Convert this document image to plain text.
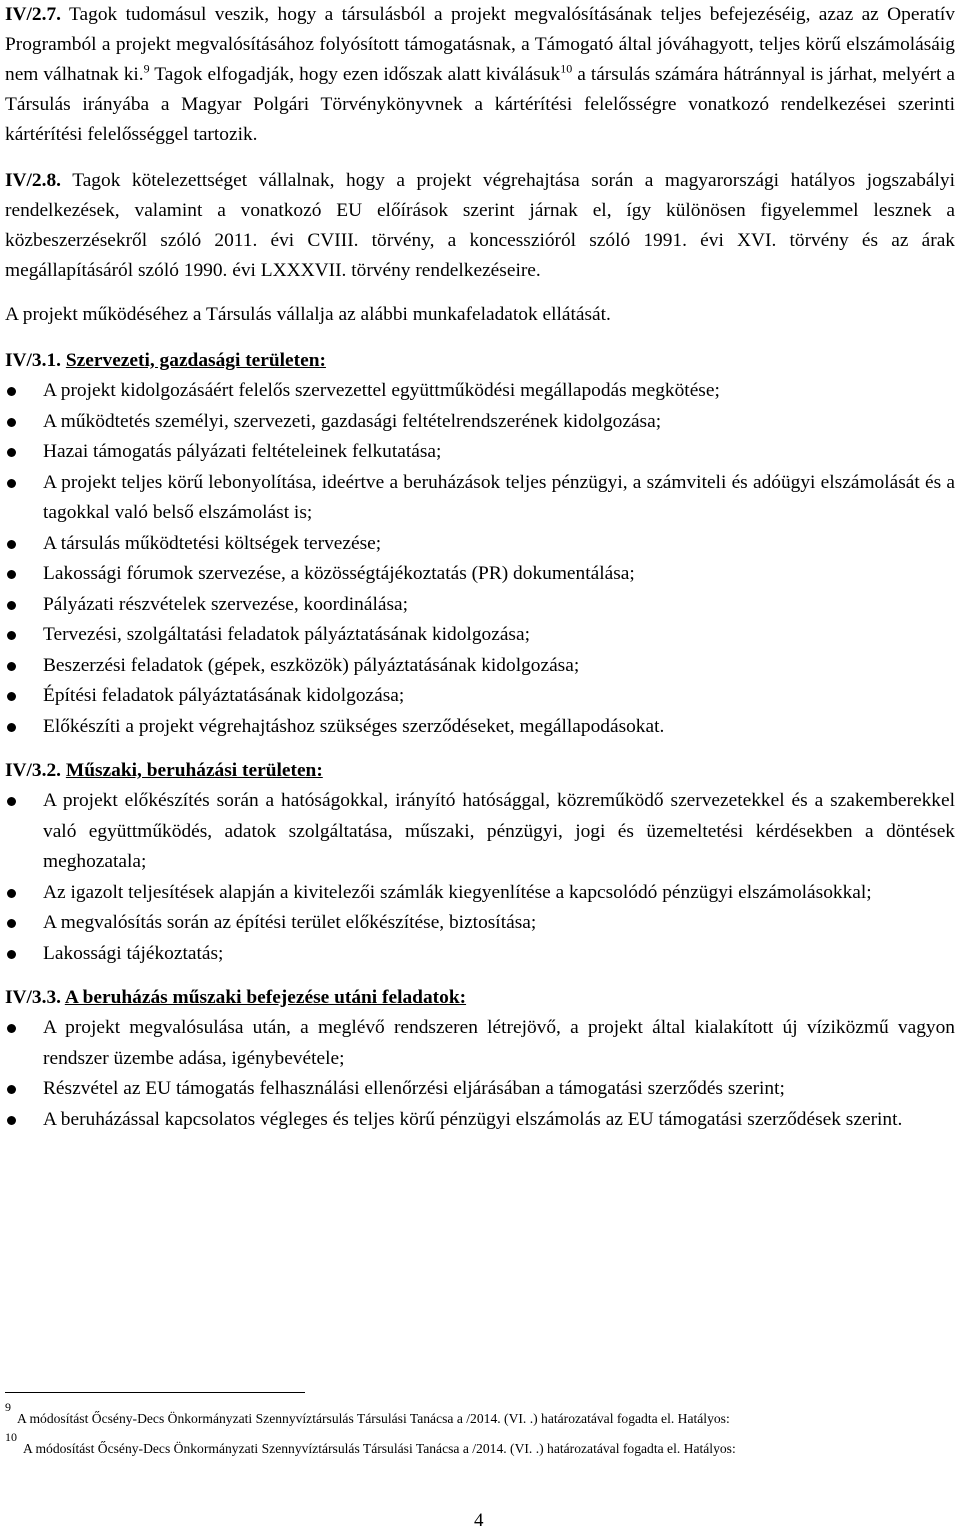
IV/2.7. Tagok tudomásul veszik, hogy a társulásból a projekt megvalósításának teljes befejezéséig, azaz az Operatív Programból a projekt megvalósításához folyósított támogatásnak, a Támogató által jóváhagyott, teljes körű elszámolásáig nem válhatnak ki.$^9$ Tagok elfogadják, hogy ezen időszak alatt kiválásuk$^{10}$ a társulás számára hátránnyal is járhat, melyért a Társulás irányába a Magyar Polgári Törvénykönyvnek a kártérítési felelősségre vonatkozó rendelkezései szerinti kártérítési felelősséggel tartozik.

IV/2.8. Tagok kötelezettséget vállalnak, hogy a projekt végrehajtása során a magyarországi hatályos jogszabályi rendelkezések, valamint a vonatkozó EU előírások szerint járnak el, így különösen figyelemmel lesznek a közbeszerzésekről szóló 2011. évi CVIII. törvény, a koncesszióról szóló 1991. évi XVI. törvény és az árak megállapításáról szóló 1990. évi LXXXVII. törvény rendelkezéseire.

A projekt működéséhez a Társulás vállalja az alábbi munkafeladatok ellátását.

IV/3.1. Szervezeti, gazdasági területen:

A projekt kidolgozásáért felelős szervezettel együttműködési megállapodás megkötése;
A működtetés személyi, szervezeti, gazdasági feltételrendszerének kidolgozása;
Hazai támogatás pályázati feltételeinek felkutatása;
A projekt teljes körű lebonyolítása, ideértve a beruházások teljes pénzügyi, a számviteli és adóügyi elszámolását és a tagokkal való belső elszámolást is;
A társulás működtetési költségek tervezése;
Lakossági fórumok szervezése, a közösségtájékoztatás (PR) dokumentálása;
Pályázati részvételek szervezése, koordinálása;
Tervezési, szolgáltatási feladatok pályáztatásának kidolgozása;
Beszerzési feladatok (gépek, eszközök) pályáztatásának kidolgozása;
Építési feladatok pályáztatásának kidolgozása;
Előkészíti a projekt végrehajtáshoz szükséges szerződéseket, megállapodásokat.

IV/3.2. Műszaki, beruházási területen:

A projekt előkészítés során a hatóságokkal, irányító hatósággal, közreműködő szervezetekkel és a szakemberekkel való együttműködés, adatok szolgáltatása, műszaki, pénzügyi, jogi és üzemeltetési kérdésekben a döntések meghozatala;
Az igazolt teljesítések alapján a kivitelezői számlák kiegyenlítése a kapcsolódó pénzügyi elszámolásokkal;
A megvalósítás során az építési terület előkészítése, biztosítása;
Lakossági tájékoztatás;

IV/3.3. A beruházás műszaki befejezése utáni feladatok:

A projekt megvalósulása után, a meglévő rendszeren létrejövő, a projekt által kialakított új víziközmű vagyon rendszer üzembe adása, igénybevétele;
Részvétel az EU támogatás felhasználási ellenőrzési eljárásában a támogatási szerződés szerint;
A beruházással kapcsolatos végleges és teljes körű pénzügyi elszámolás az EU támogatási szerződések szerint.
9A módosítást Őcsény-Decs Önkormányzati Szennyvíztársulás Társulási Tanácsa a /2014. (VI. .) határozatával fogadta el. Hatályos:
10A módosítást Őcsény-Decs Önkormányzati Szennyvíztársulás Társulási Tanácsa a /2014. (VI. .) határozatával fogadta el. Hatályos:
4
